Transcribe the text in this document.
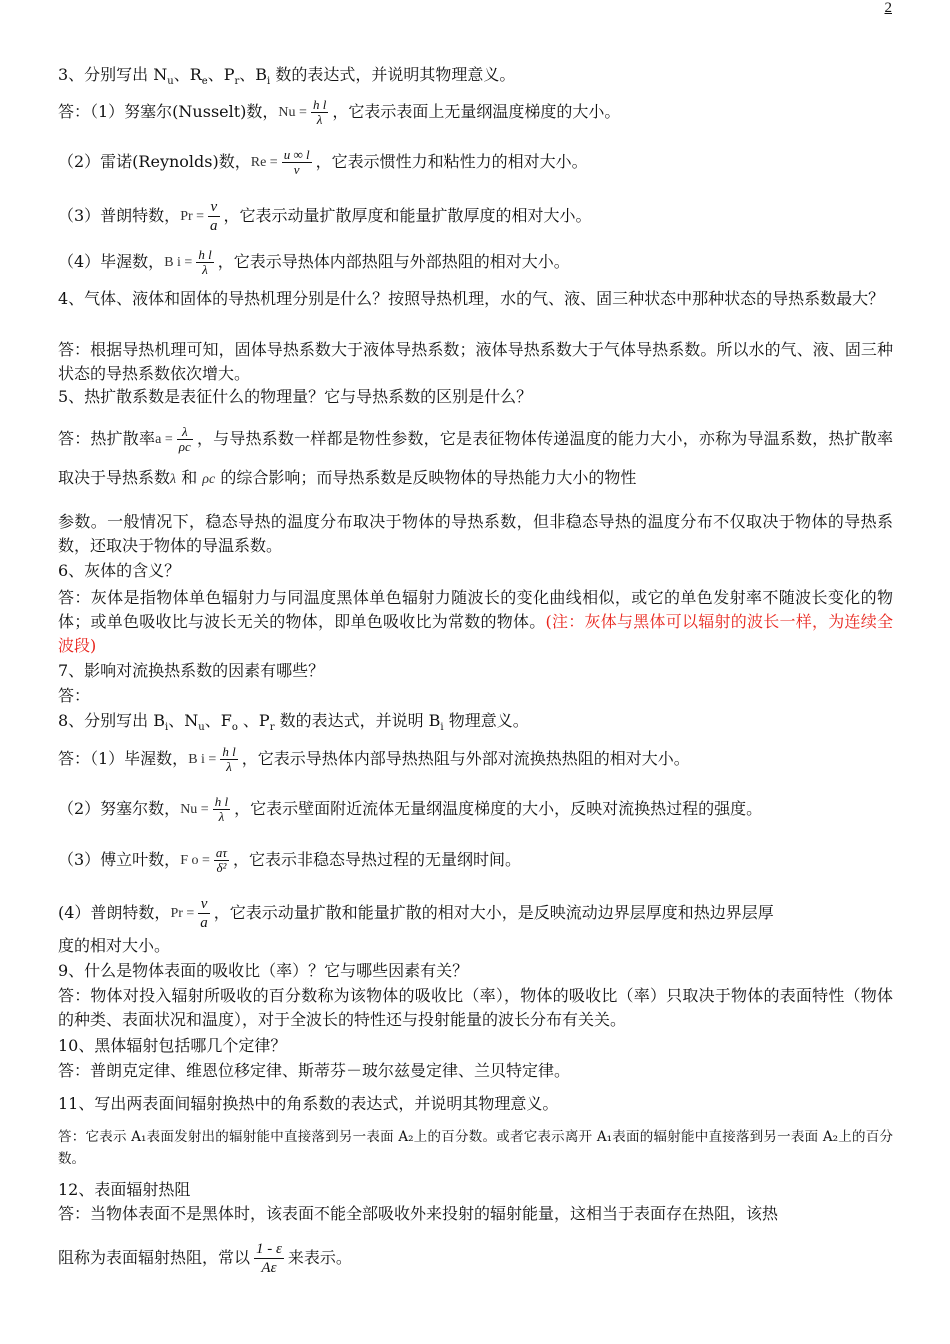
2
3、分别写出 $N_u$、$R_e$、$P_r$、$B_i$ 数的表达式，并说明其物理意义。
答：（1）努塞尔(Nusselt)数，$Nu = \frac{\text{h l}}{\lambda}$ ，它表示表面上无量纲温度梯度的大小。
（2）雷诺(Reynolds)数，$Re = \frac{u \infty l}{\nu}$ ，它表示惯性力和粘性力的相对大小。
（3）普朗特数，$Pr = \frac{\nu}{a}$ ，它表示动量扩散厚度和能量扩散厚度的相对大小。
（4）毕渥数，B $i = \frac{\text{h l}}{\lambda}$ ，它表示导热体内部热阻与外部热阻的相对大小。
4、气体、液体和固体的导热机理分别是什么？按照导热机理，水的气、液、固三种状态中那种状态的导热系数最大？
答：根据导热机理可知，固体导热系数大于液体导热系数；液体导热系数大于气体导热系数。所以水的气、液、固三种状态的导热系数依次增大。
5、热扩散系数是表征什么的物理量？它与导热系数的区别是什么？
答：热扩散率$a = \frac{\lambda}{\rho c}$ ，与导热系数一样都是物性参数，它是表征物体传递温度的能力大小，亦称为导温系数，热扩散率取决于导热系数λ 和 ρc 的综合影响；而导热系数是反映物体的导热能力大小的物性
参数。一般情况下，稳态导热的温度分布取决于物体的导热系数，但非稳态导热的温度分布不仅取决于物体的导热系数，还取决于物体的导温系数。
6、灰体的含义？
答：灰体是指物体单色辐射力与同温度黑体单色辐射力随波长的变化曲线相似，或它的单色发射率不随波长变化的物体；或单色吸收比与波长无关的物体，即单色吸收比为常数的物体。(注：灰体与黑体可以辐射的波长一样，为连续全波段)
7、影响对流换热系数的因素有哪些？
答：
8、分别写出 $B_i$、$N_u$、$F_o$ 、$P_r$ 数的表达式，并说明 $B_i$ 物理意义。
答：（1）毕渥数，B $i = \frac{\text{h l}}{\lambda}$ ，它表示导热体内部导热热阻与外部对流换热热阻的相对大小。
（2）努塞尔数，$Nu = \frac{\text{h l}}{\lambda}$ ，它表示壁面附近流体无量纲温度梯度的大小，反映对流换热过程的强度。
（3）傅立叶数，F $o = \frac{a\tau}{\text{δ²}}$ ，它表示非稳态导热过程的无量纲时间。
(4）普朗特数，$Pr = \frac{\nu}{a}$ ，它表示动量扩散和能量扩散的相对大小，是反映流动边界层厚度和热边界层厚
度的相对大小。
9、什么是物体表面的吸收比（率）？它与哪些因素有关？
答：物体对投入辐射所吸收的百分数称为该物体的吸收比（率），物体的吸收比（率）只取决于物体的表面特性（物体的种类、表面状况和温度），对于全波长的特性还与投射能量的波长分布有关关。
10、黑体辐射包括哪几个定律？
答：普朗克定律、维恩位移定律、斯蒂芬－玻尔兹曼定律、兰贝特定律。
11、写出两表面间辐射换热中的角系数的表达式，并说明其物理意义。
答：它表示 A₁表面发射出的辐射能中直接落到另一表面 A₂上的百分数。或者它表示离开 A₁表面的辐射能中直接落到另一表面 A₂上的百分数。
12、表面辐射热阻
答：当物体表面不是黑体时，该表面不能全部吸收外来投射的辐射能量，这相当于表面存在热阻，该热
阻称为表面辐射热阻，常以 $\frac{1 - \varepsilon}{A\varepsilon}$ 来表示。
